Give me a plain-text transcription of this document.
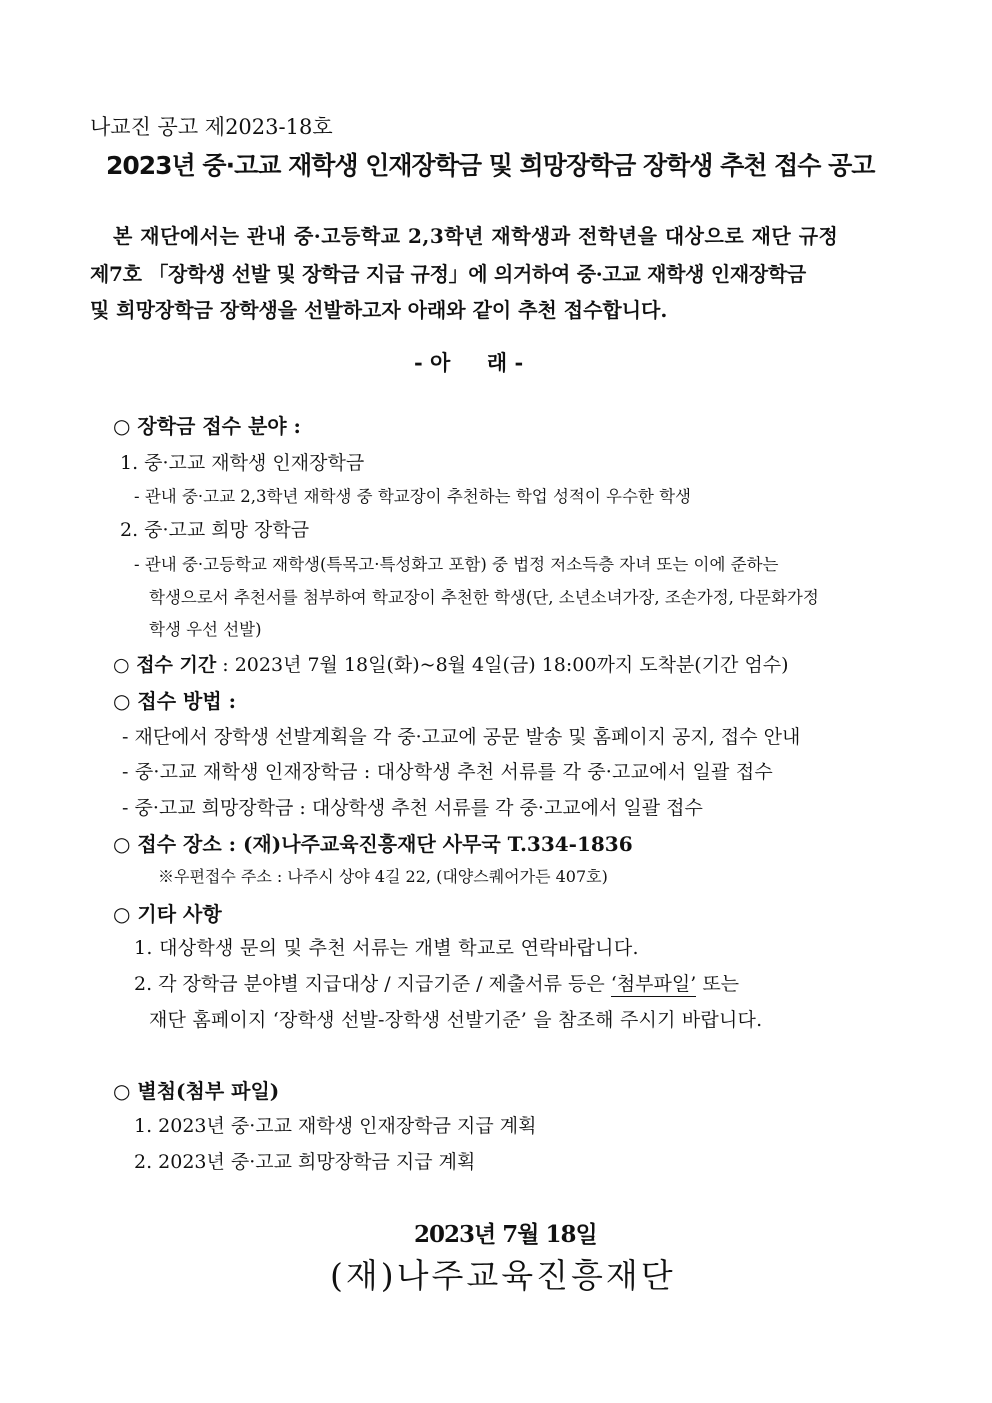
나교진 공고 제2023-18호
2023년 중·고교 재학생 인재장학금 및 희망장학금 장학생 추천 접수 공고
본 재단에서는 관내 중·고등학교 2,3학년 재학생과 전학년을 대상으로 재단 규정
제7호 「장학생 선발 및 장학금 지급 규정」에 의거하여 중·고교 재학생 인재장학금
및 희망장학금 장학생을 선발하고자 아래와 같이 추천 접수합니다.
- 아     래 -
○ 장학금 접수 분야 :
1. 중·고교 재학생 인재장학금
- 관내 중·고교 2,3학년 재학생 중 학교장이 추천하는 학업 성적이 우수한 학생
2. 중·고교 희망 장학금
- 관내 중·고등학교 재학생(특목고·특성화고 포함) 중 법정 저소득층 자녀 또는 이에 준하는
학생으로서 추천서를 첨부하여 학교장이 추천한 학생(단, 소년소녀가장, 조손가정, 다문화가정
학생 우선 선발)
○ 접수 기간 : 2023년 7월 18일(화)~8월 4일(금) 18:00까지 도착분(기간 엄수)
○ 접수 방법 :
- 재단에서 장학생 선발계획을 각 중·고교에 공문 발송 및 홈페이지 공지, 접수 안내
- 중·고교 재학생 인재장학금 : 대상학생 추천 서류를 각 중·고교에서 일괄 접수
- 중·고교 희망장학금 : 대상학생 추천 서류를 각 중·고교에서 일괄 접수
○ 접수 장소 : (재)나주교육진흥재단 사무국 T.334-1836
※우편접수 주소 : 나주시 상야 4길 22, (대양스퀘어가든 407호)
○ 기타 사항
1. 대상학생 문의 및 추천 서류는 개별 학교로 연락바랍니다.
2. 각 장학금 분야별 지급대상 / 지급기준 / 제출서류 등은 ‘첨부파일’ 또는
재단 홈페이지 ‘장학생 선발-장학생 선발기준’ 을 참조해 주시기 바랍니다.
○ 별첨(첨부 파일)
1. 2023년 중·고교 재학생 인재장학금 지급 계획
2. 2023년 중·고교 희망장학금 지급 계획
2023년 7월 18일
(재)나주교육진흥재단
